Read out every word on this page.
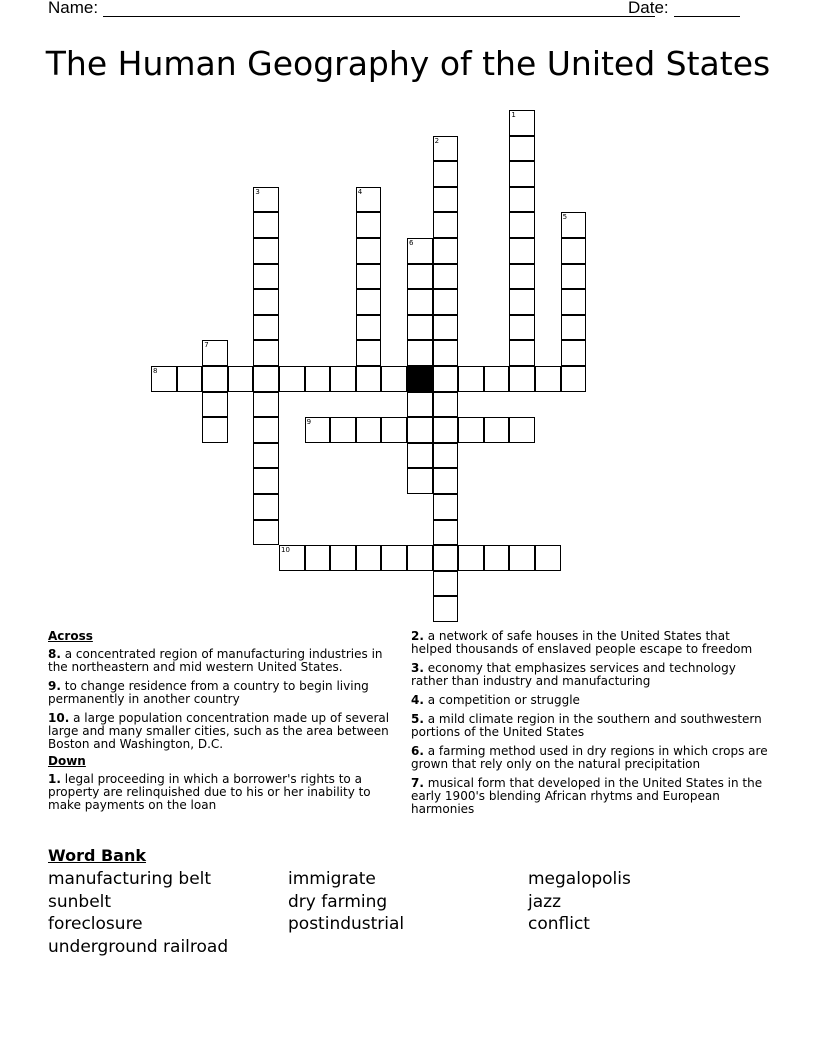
Name:	Date:
The Human Geography of the United States
1
2
3	4
5
6
7
8
9
10
Across
8. a concentrated region of manufacturing industries in the northeastern and mid western United States.
9. to change residence from a country to begin living permanently in another country
10. a large population concentration made up of several large and many smaller cities, such as the area between Boston and Washington, D.C.
Down
1. legal proceeding in which a borrower's rights to a property are relinquished due to his or her inability to make payments on the loan
2. a network of safe houses in the United States that helped thousands of enslaved people escape to freedom
3. economy that emphasizes services and technology rather than industry and manufacturing
4. a competition or struggle
5. a mild climate region in the southern and southwestern portions of the United States
6. a farming method used in dry regions in which crops are grown that rely only on the natural precipitation
7. musical form that developed in the United States in the early 1900's blending African rhytms and European harmonies
Word Bank
manufacturing belt
sunbelt
foreclosure
underground railroad
immigrate
dry farming
postindustrial
megalopolis
jazz
conflict
